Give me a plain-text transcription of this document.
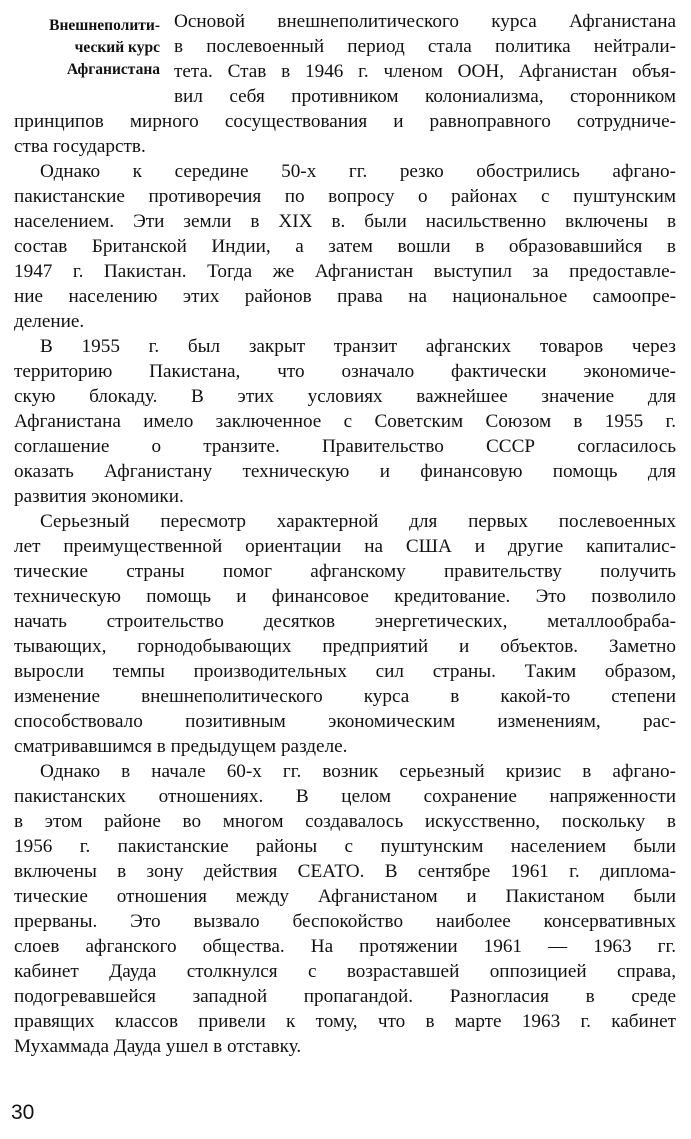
Внешнеполити-
ческий курс
Афганистана
Основой внешнеполитического курса Афганистана
в послевоенный период стала политика нейтрали-
тета. Став в 1946 г. членом ООН, Афганистан объя-
вил себя противником колониализма, сторонником
принципов мирного сосуществования и равноправного сотрудниче-
ства государств.
Однако к середине 50-х гг. резко обострились афгано-
пакистанские противоречия по вопросу о районах с пуштунским
населением. Эти земли в XIX в. были насильственно включены в
состав Британской Индии, а затем вошли в образовавшийся в
1947 г. Пакистан. Тогда же Афганистан выступил за предоставле-
ние населению этих районов права на национальное самоопре-
деление.
В 1955 г. был закрыт транзит афганских товаров через
территорию Пакистана, что означало фактически экономиче-
скую блокаду. В этих условиях важнейшее значение для
Афганистана имело заключенное с Советским Союзом в 1955 г.
соглашение о транзите. Правительство СССР согласилось
оказать Афганистану техническую и финансовую помощь для
развития экономики.
Серьезный пересмотр характерной для первых послевоенных
лет преимущественной ориентации на США и другие капиталис-
тические страны помог афганскому правительству получить
техническую помощь и финансовое кредитование. Это позволило
начать строительство десятков энергетических, металлообраба-
тывающих, горнодобывающих предприятий и объектов. Заметно
выросли темпы производительных сил страны. Таким образом,
изменение внешнеполитического курса в какой-то степени
способствовало позитивным экономическим изменениям, рас-
сматривавшимся в предыдущем разделе.
Однако в начале 60-х гг. возник серьезный кризис в афгано-
пакистанских отношениях. В целом сохранение напряженности
в этом районе во многом создавалось искусственно, поскольку в
1956 г. пакистанские районы с пуштунским населением были
включены в зону действия СЕАТО. В сентябре 1961 г. диплома-
тические отношения между Афганистаном и Пакистаном были
прерваны. Это вызвало беспокойство наиболее консервативных
слоев афганского общества. На протяжении 1961 — 1963 гг.
кабинет Дауда столкнулся с возраставшей оппозицией справа,
подогревавшейся западной пропагандой. Разногласия в среде
правящих классов привели к тому, что в марте 1963 г. кабинет
Мухаммада Дауда ушел в отставку.
30
